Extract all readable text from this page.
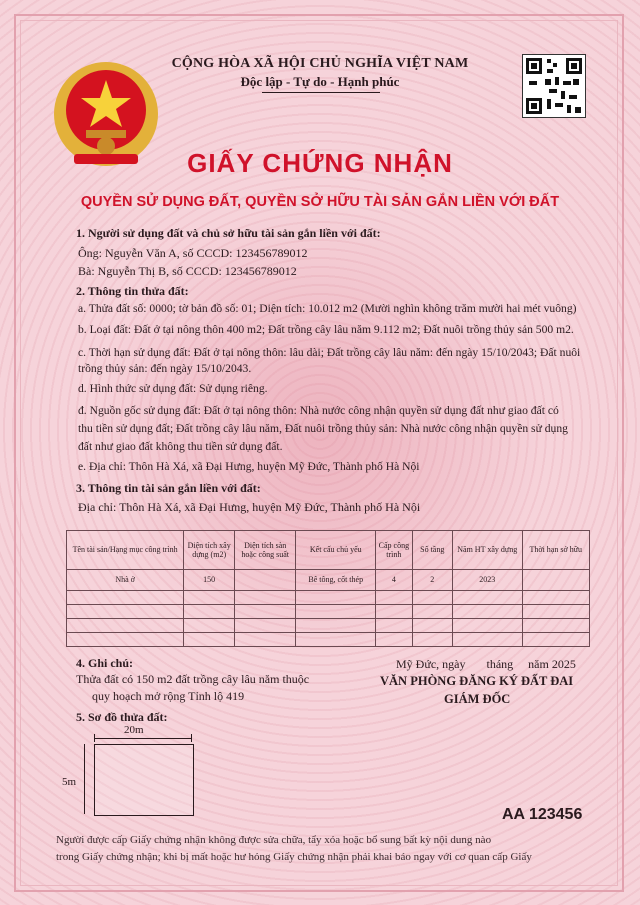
CỘNG HÒA XÃ HỘI CHỦ NGHĨA VIỆT NAM
Độc lập - Tự do - Hạnh phúc
GIẤY CHỨNG NHẬN
QUYỀN SỬ DỤNG ĐẤT, QUYỀN SỞ HỮU TÀI SẢN GẮN LIỀN VỚI ĐẤT
1. Người sử dụng đất và chủ sở hữu tài sản gắn liền với đất:
Ông: Nguyễn Văn A, số CCCD: 123456789012
Bà: Nguyễn Thị B, số CCCD: 123456789012
2. Thông tin thửa đất:
a. Thửa đất số: 0000; tờ bản đồ số: 01; Diện tích: 10.012 m2 (Mười nghìn không trăm mười hai mét vuông)
b. Loại đất: Đất ở tại nông thôn 400 m2; Đất trồng cây lâu năm 9.112 m2; Đất nuôi trồng thủy sản 500 m2.
c. Thời hạn sử dụng đất: Đất ở tại nông thôn: lâu dài; Đất trồng cây lâu năm: đến ngày 15/10/2043; Đất nuôi
trồng thủy sản: đến ngày 15/10/2043.
d. Hình thức sử dụng đất: Sử dụng riêng.
đ. Nguồn gốc sử dụng đất: Đất ở tại nông thôn: Nhà nước công nhận quyền sử dụng đất như giao đất có
thu tiền sử dụng đất; Đất trồng cây lâu năm, Đất nuôi trồng thủy sản: Nhà nước công nhận quyền sử dụng
đất như giao đất không thu tiền sử dụng đất.
e. Địa chỉ: Thôn Hà Xá, xã Đại Hưng, huyện Mỹ Đức, Thành phố Hà Nội
3. Thông tin tài sản gắn liền với đất:
Địa chỉ: Thôn Hà Xá, xã Đại Hưng, huyện Mỹ Đức, Thành phố Hà Nội
Tên tài sản/Hạng mục công trình	Diện tích xây dựng (m2)	Diện tích sàn hoặc công suất	Kết cấu chủ yếu	Cấp công trình	Số tầng	Năm HT xây dựng	Thời hạn sở hữu
Nhà ở	150		Bê tông, cốt thép	4	2	2023	

4. Ghi chú:
Thửa đất có 150 m2 đất trồng cây lâu năm thuộc
quy hoạch mở rộng Tỉnh lộ 419
Mỹ Đức, ngày       tháng     năm 2025
VĂN PHÒNG ĐĂNG KÝ ĐẤT ĐAI
GIÁM ĐỐC
5. Sơ đồ thửa đất:
20m
5m
AA 123456
Người được cấp Giấy chứng nhận không được sửa chữa, tẩy xóa hoặc bổ sung bất kỳ nội dung nào
trong Giấy chứng nhận; khi bị mất hoặc hư hỏng Giấy chứng nhận phải khai báo ngay với cơ quan cấp Giấy
